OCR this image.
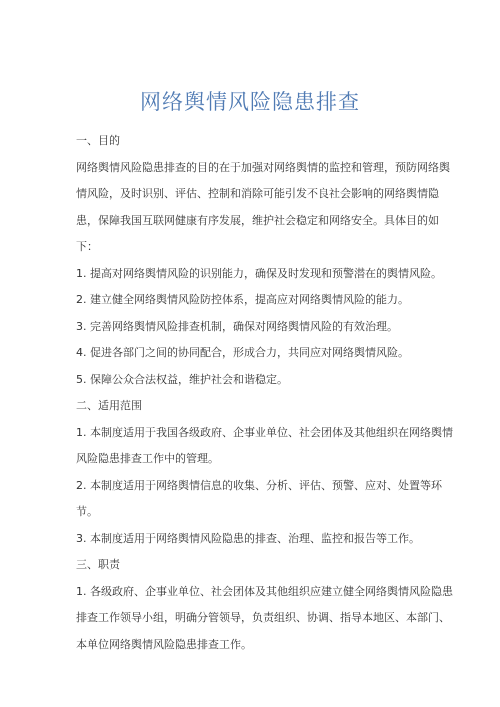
网络舆情风险隐患排查
一、目的
网络舆情风险隐患排查的目的在于加强对网络舆情的监控和管理，预防网络舆
情风险，及时识别、评估、控制和消除可能引发不良社会影响的网络舆情隐
患，保障我国互联网健康有序发展，维护社会稳定和网络安全。具体目的如
下：
1. 提高对网络舆情风险的识别能力，确保及时发现和预警潜在的舆情风险。
2. 建立健全网络舆情风险防控体系，提高应对网络舆情风险的能力。
3. 完善网络舆情风险排查机制，确保对网络舆情风险的有效治理。
4. 促进各部门之间的协同配合，形成合力，共同应对网络舆情风险。
5. 保障公众合法权益，维护社会和谐稳定。
二、适用范围
1. 本制度适用于我国各级政府、企事业单位、社会团体及其他组织在网络舆情
风险隐患排查工作中的管理。
2. 本制度适用于网络舆情信息的收集、分析、评估、预警、应对、处置等环
节。
3. 本制度适用于网络舆情风险隐患的排查、治理、监控和报告等工作。
三、职责
1. 各级政府、企事业单位、社会团体及其他组织应建立健全网络舆情风险隐患
排查工作领导小组，明确分管领导，负责组织、协调、指导本地区、本部门、
本单位网络舆情风险隐患排查工作。
